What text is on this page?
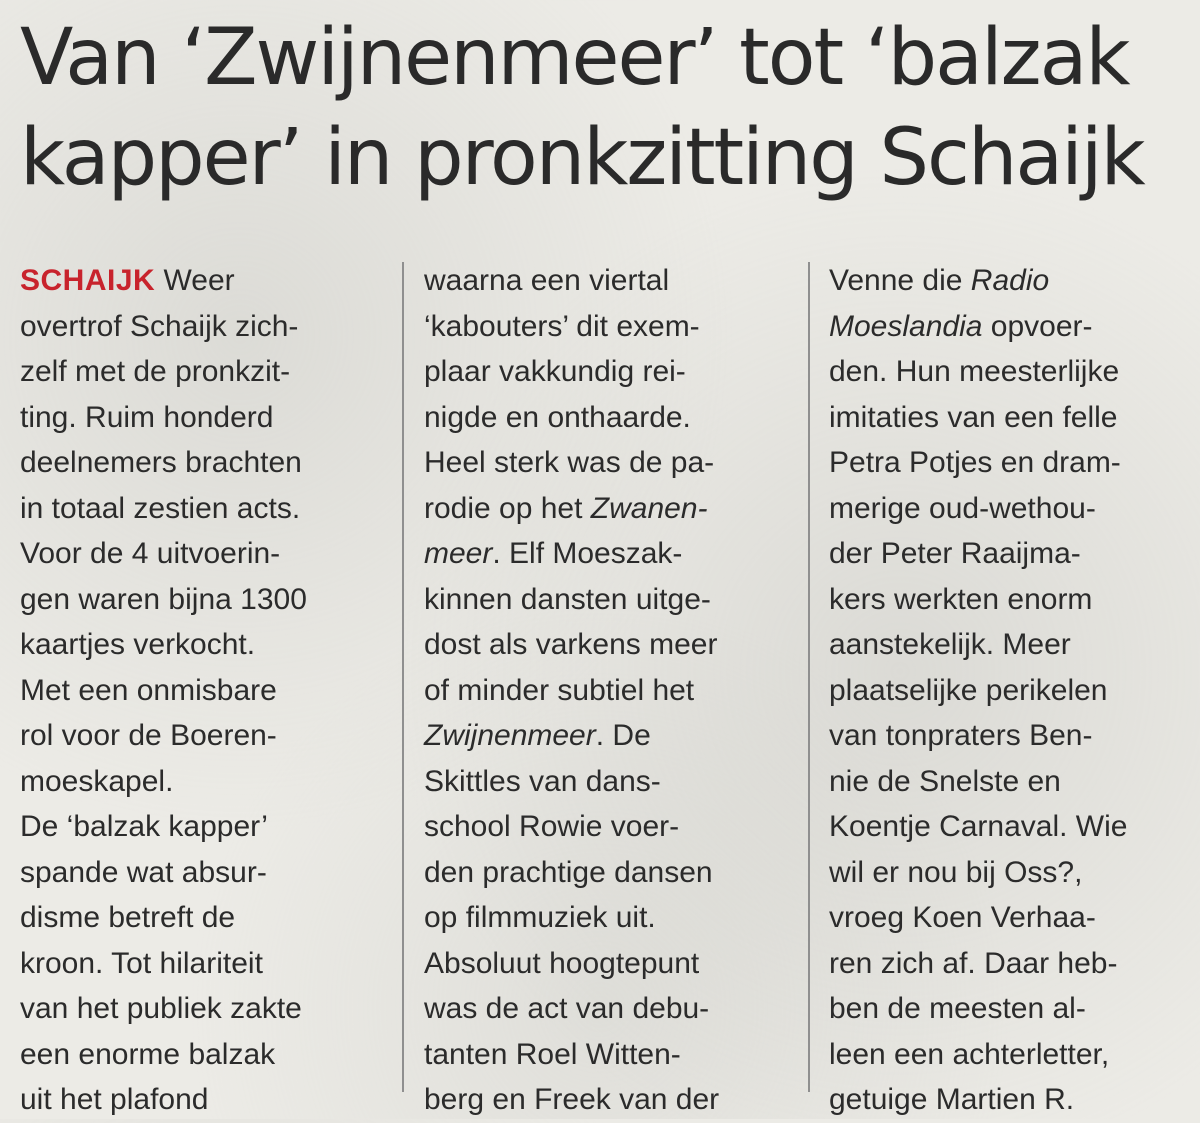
Van ‘Zwijnenmeer’ tot ‘balzak
kapper’ in pronkzitting Schaijk
SCHAIJK Weer
overtrof Schaijk zich-
zelf met de pronkzit-
ting. Ruim honderd
deelnemers brachten
in totaal zestien acts.
Voor de 4 uitvoerin-
gen waren bijna 1300
kaartjes verkocht.
Met een onmisbare
rol voor de Boeren-
moeskapel.
De ‘balzak kapper’
spande wat absur-
disme betreft de
kroon. Tot hilariteit
van het publiek zakte
een enorme balzak
uit het plafond
waarna een viertal
‘kabouters’ dit exem-
plaar vakkundig rei-
nigde en onthaarde.
Heel sterk was de pa-
rodie op het Zwanen-
meer. Elf Moeszak-
kinnen dansten uitge-
dost als varkens meer
of minder subtiel het
Zwijnenmeer. De
Skittles van dans-
school Rowie voer-
den prachtige dansen
op filmmuziek uit.
Absoluut hoogtepunt
was de act van debu-
tanten Roel Witten-
berg en Freek van der
Venne die Radio
Moeslandia opvoer-
den. Hun meesterlijke
imitaties van een felle
Petra Potjes en dram-
merige oud-wethou-
der Peter Raaijma-
kers werkten enorm
aanstekelijk. Meer
plaatselijke perikelen
van tonpraters Ben-
nie de Snelste en
Koentje Carnaval. Wie
wil er nou bij Oss?,
vroeg Koen Verhaa-
ren zich af. Daar heb-
ben de meesten al-
leen een achterletter,
getuige Martien R.
